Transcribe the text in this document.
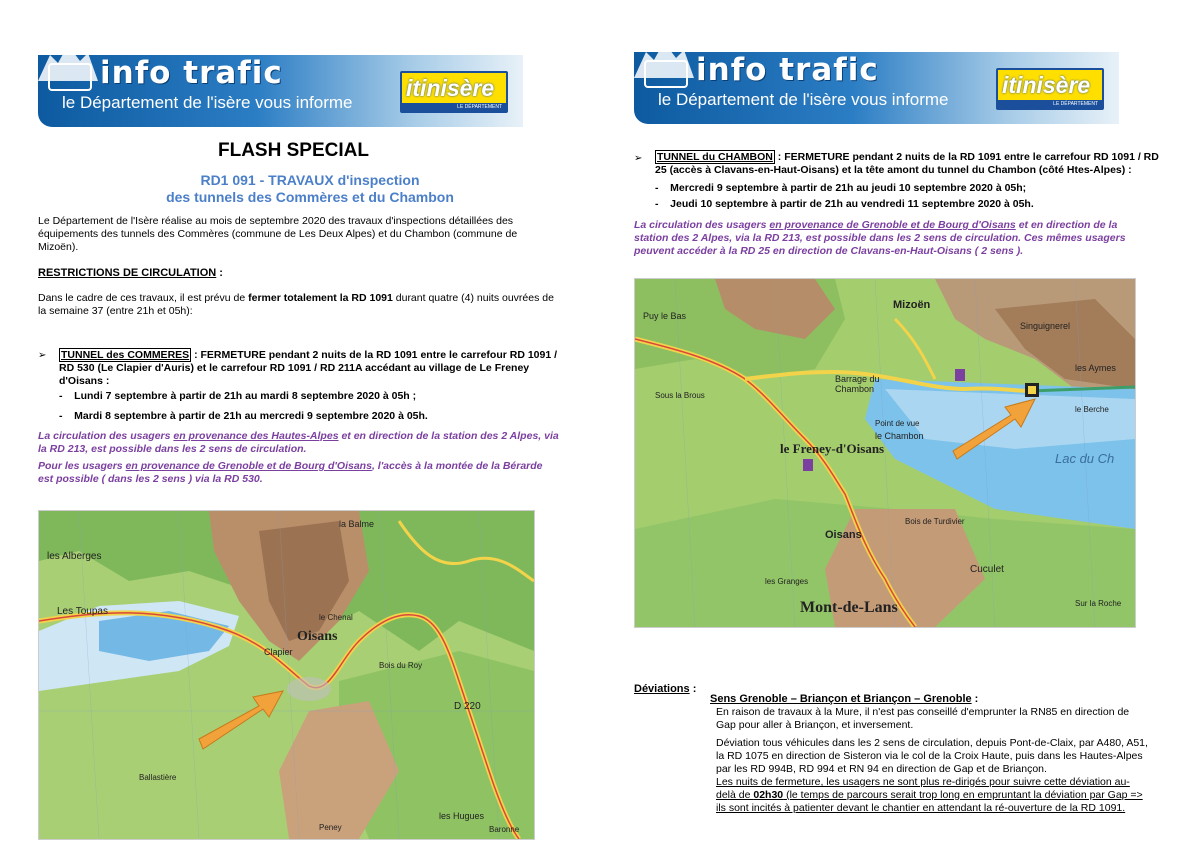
info trafic
le Département de l'isère vous informe
itinisère
LE DÉPARTEMENT
FLASH SPECIAL
RD1 091 - TRAVAUX d'inspection
des tunnels des Commères et du Chambon
Le Département de l'Isère réalise au mois de septembre 2020 des travaux d'inspections détaillées des
équipements des tunnels des Commères (commune de Les Deux Alpes) et du Chambon (commune de
Mizoën).
RESTRICTIONS DE CIRCULATION :
Dans le cadre de ces travaux, il est prévu de fermer totalement la RD 1091 durant quatre (4) nuits ouvrées de
la semaine 37 (entre 21h et 05h):
➢ TUNNEL des COMMERES : FERMETURE pendant 2 nuits de la RD 1091 entre le carrefour RD 1091 /
RD 530 (Le Clapier d'Auris) et le carrefour RD 1091 / RD 211A accédant au village de Le Freney
d'Oisans :
-    Lundi 7 septembre à partir de 21h au mardi 8 septembre 2020 à 05h ;
-    Mardi 8 septembre à partir de 21h au mercredi 9 septembre 2020 à 05h.
La circulation des usagers en provenance des Hautes-Alpes et en direction de la station des 2 Alpes, via
la RD 213, est possible dans les 2 sens de circulation.
Pour les usagers en provenance de Grenoble et de Bourg d'Oisans, l'accès à la montée de la Bérarde
est possible ( dans les 2 sens ) via la RD 530.
Oisans
la Balme
les Alberges
Les Toupas
Clapier
Ballastière
Peney
les Hugues
Baronne
D 220
Bois du Roy
le Chenal
info trafic
le Département de l'isère vous informe
itinisère
LE DÉPARTEMENT
➢ TUNNEL du CHAMBON : FERMETURE pendant 2 nuits de la RD 1091 entre le carrefour RD 1091 / RD
25 (accès à Clavans-en-Haut-Oisans) et la tête amont du tunnel du Chambon (côté Htes-Alpes) :
-    Mercredi 9 septembre à partir de 21h au jeudi 10 septembre 2020 à 05h;
-    Jeudi 10 septembre à partir de 21h au vendredi 11 septembre 2020 à 05h.
La circulation des usagers en provenance de Grenoble et de Bourg d'Oisans et en direction de la
station des 2 Alpes, via la RD 213, est possible dans les 2 sens de circulation. Ces mêmes usagers
peuvent accéder à la RD 25 en direction de Clavans-en-Haut-Oisans ( 2 sens ).
Mizoën
Puy le Bas
Singuignerel
les Aymes
Barrage du Chambon
le Freney-d'Oisans
le Chambon
Point de vue
Lac du Ch
Bois de Turdivier
Oisans
Cuculet
Mont-de-Lans
les Granges
le Berche
Sur la Roche
Sous la Brous
Déviations :
Sens Grenoble – Briançon et Briançon – Grenoble :
En raison de travaux à la Mure, il n'est pas conseillé d'emprunter la RN85 en direction de
Gap pour aller à Briançon, et inversement.
Déviation tous véhicules dans les 2 sens de circulation, depuis Pont-de-Claix, par A480, A51,
la RD 1075 en direction de Sisteron via le col de la Croix Haute, puis dans les Hautes-Alpes
par les RD 994B, RD 994 et RN 94 en direction de Gap et de Briançon.
Les nuits de fermeture, les usagers ne sont plus re-dirigés pour suivre cette déviation au-
delà de 02h30 (le temps de parcours serait trop long en empruntant la déviation par Gap =>
ils sont incités à patienter devant le chantier en attendant la ré-ouverture de la RD 1091.
